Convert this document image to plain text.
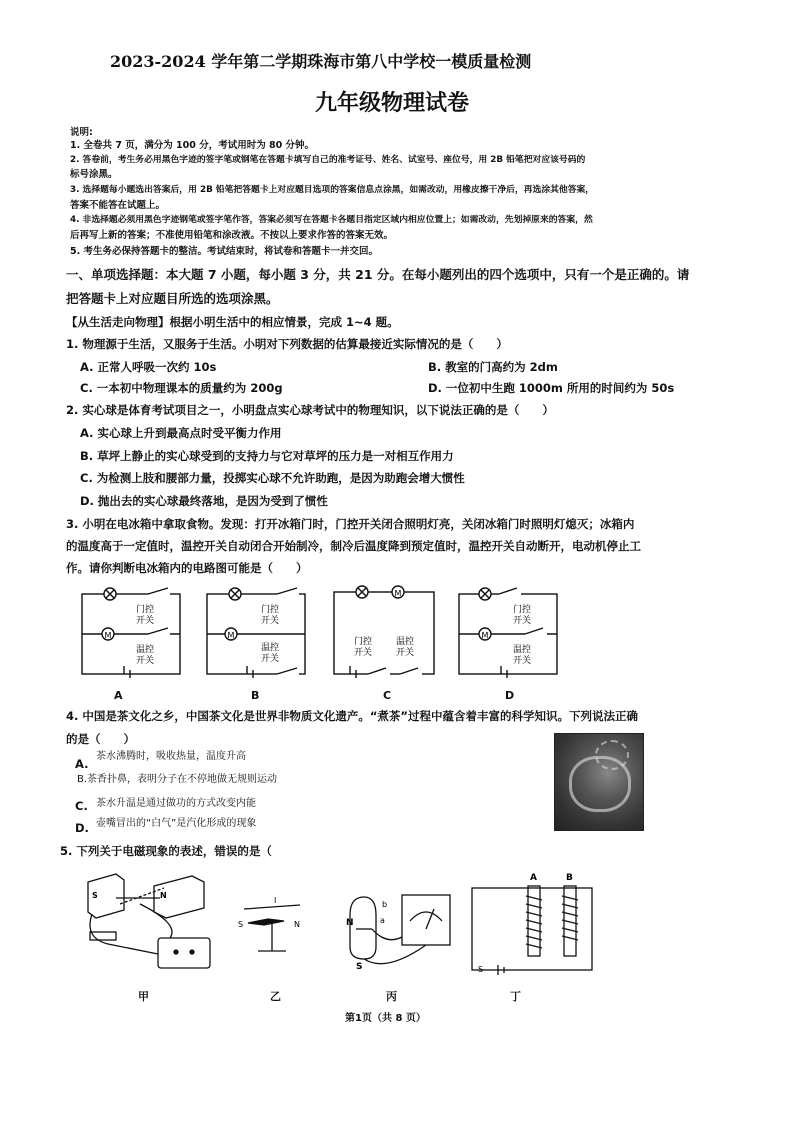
2023-2024 学年第二学期珠海市第八中学校一模质量检测
九年级物理试卷
说明:
1. 全卷共 7 页，满分为 100 分，考试用时为 80 分钟。
2. 答卷前，考生务必用黑色字迹的签字笔或钢笔在答题卡填写自己的准考证号、姓名、试室号、座位号，用 2B 铅笔把对应该号码的
标号涂黑。
3. 选择题每小题选出答案后，用 2B 铅笔把答题卡上对应题目选项的答案信息点涂黑，如需改动，用橡皮擦干净后，再选涂其他答案，
答案不能答在试题上。
4. 非选择题必须用黑色字迹钢笔或签字笔作答，答案必须写在答题卡各题目指定区域内相应位置上；如需改动，先划掉原来的答案，然
后再写上新的答案；不准使用铅笔和涂改液。不按以上要求作答的答案无效。
5. 考生务必保持答题卡的整洁。考试结束时，将试卷和答题卡一并交回。
一、单项选择题：本大题 7 小题，每小题 3 分，共 21 分。在每小题列出的四个选项中，只有一个是正确的。请
把答题卡上对应题目所选的选项涂黑。
【从生活走向物理】根据小明生活中的相应情景，完成 1~4 题。
1. 物理源于生活，又服务于生活。小明对下列数据的估算最接近实际情况的是（　　）
A. 正常人呼吸一次约 10s	B. 教室的门高约为 2dm
C. 一本初中物理课本的质量约为 200g	D. 一位初中生跑 1000m 所用的时间约为 50s
2. 实心球是体育考试项目之一，小明盘点实心球考试中的物理知识，以下说法正确的是（　　）
A. 实心球上升到最高点时受平衡力作用
B. 草坪上静止的实心球受到的支持力与它对草坪的压力是一对相互作用力
C. 为检测上肢和腰部力量，投掷实心球不允许助跑，是因为助跑会增大惯性
D. 抛出去的实心球最终落地，是因为受到了惯性
3. 小明在电冰箱中拿取食物。发现：打开冰箱门时，门控开关闭合照明灯亮，关闭冰箱门时照明灯熄灭；冰箱内
的温度高于一定值时，温控开关自动闭合开始制冷，制冷后温度降到预定值时，温控开关自动断开，电动机停止工
作。请你判断电冰箱内的电路图可能是（　　）
M
门控
开关
温控
开关
M
门控
开关
温控
开关
M
门控
开关
温控
开关
M
门控
开关
温控
开关
A	B	C	D
4. 中国是茶文化之乡，中国茶文化是世界非物质文化遗产。“煮茶”过程中蕴含着丰富的科学知识。下列说法正确
的是（　　）
A.
茶水沸腾时，吸收热量，温度升高
B.茶香扑鼻，表明分子在不停地做无规则运动
C. 茶水升温是通过做功的方式改变内能
D. 壶嘴冒出的“白气”是汽化形成的现象
5. 下列关于电磁现象的表述，错误的是（
S	N
I
S	N	N
S
a
b
A	B
S
甲	乙	丙	丁
第1页（共 8 页）
